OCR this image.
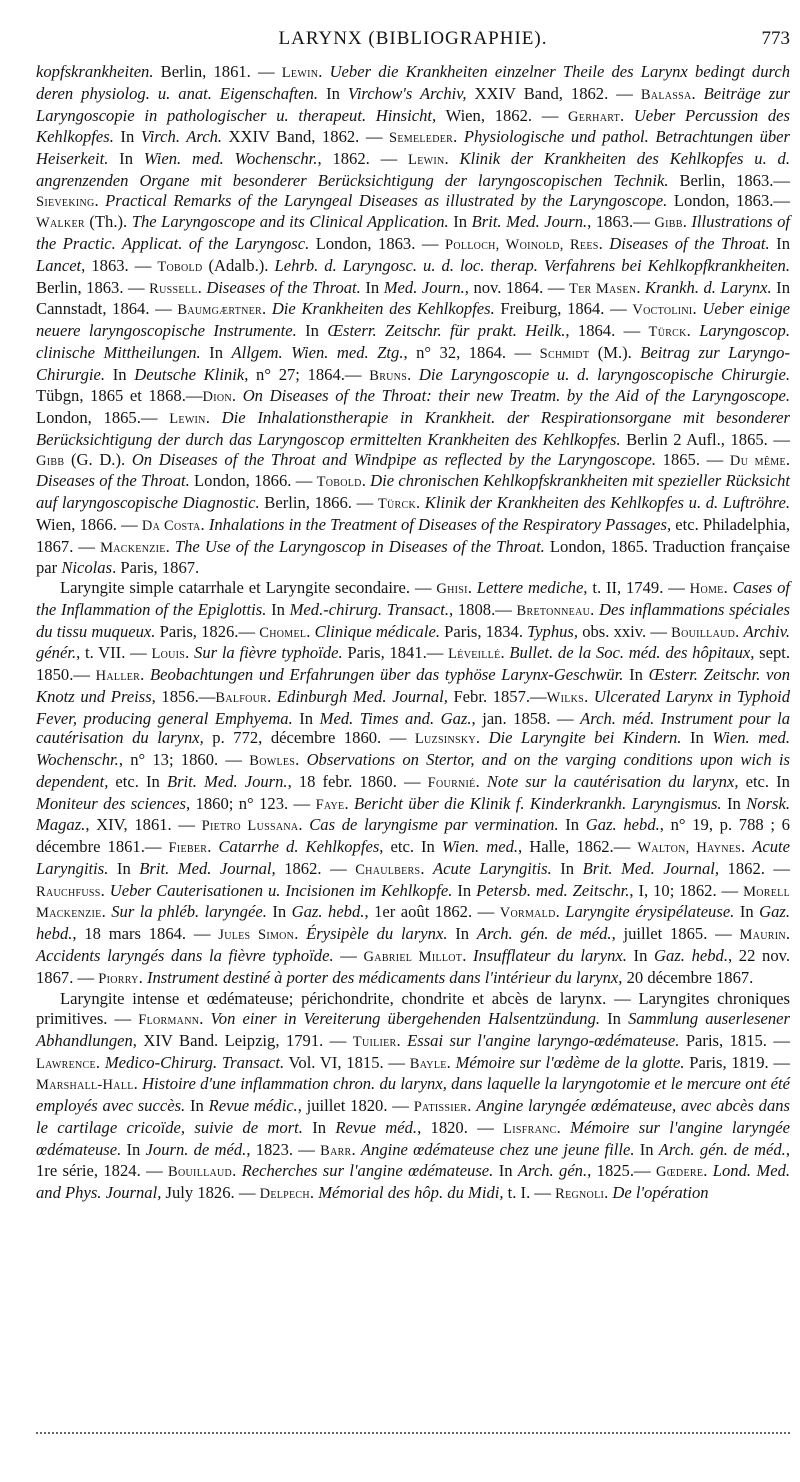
LARYNX (BIBLIOGRAPHIE).	773

kopfskrankheiten. Berlin, 1861. — Lewin. Ueber die Krankheiten einzelner Theile des Larynx bedingt durch deren physiolog. u. anat. Eigenschaften. In Virchow's Archiv, XXIV Band, 1862. — Balassa. Beiträge zur Laryngoscopie in pathologischer u. therapeut. Hinsicht, Wien, 1862. — Gerhart. Ueber Percussion des Kehlkopfes. In Virch. Arch. XXIV Band, 1862. — Semeleder. Physiologische und pathol. Betrachtungen über Heiserkeit. In Wien. med. Wochenschr., 1862. — Lewin. Klinik der Krankheiten des Kehlkopfes u. d. angrenzenden Organe mit besonderer Berücksichtigung der laryngoscopischen Technik. Berlin, 1863.— Sieveking. Practical Remarks of the Laryngeal Diseases as illustrated by the Laryngoscope. London, 1863.—Walker (Th.). The Laryngoscope and its Clinical Application. In Brit. Med. Journ., 1863.— Gibb. Illustrations of the Practic. Applicat. of the Laryngosc. London, 1863. — Polloch, Woinold, Rees. Diseases of the Throat. In Lancet, 1863. — Tobold (Adalb.). Lehrb. d. Laryngosc. u. d. loc. therap. Verfahrens bei Kehlkopfkrankheiten. Berlin, 1863. — Russell. Diseases of the Throat. In Med. Journ., nov. 1864. — Ter Masen. Krankh. d. Larynx. In Cannstadt, 1864. — Baumgærtner. Die Krankheiten des Kehlkopfes. Freiburg, 1864. — Voctolini. Ueber einige neuere laryngoscopische Instrumente. In Œsterr. Zeitschr. für prakt. Heilk., 1864. — Türck. Laryngoscop. clinische Mittheilungen. In Allgem. Wien. med. Ztg., n° 32, 1864. — Schmidt (M.). Beitrag zur Laryngo-Chirurgie. In Deutsche Klinik, n° 27; 1864.— Bruns. Die Laryngoscopie u. d. laryngoscopische Chirurgie. Tübgn, 1865 et 1868.—Dion. On Diseases of the Throat: their new Treatm. by the Aid of the Laryngoscope. London, 1865.— Lewin. Die Inhalationstherapie in Krankheit. der Respirationsorgane mit besonderer Berücksichtigung der durch das Laryngoscop ermittelten Krankheiten des Kehlkopfes. Berlin 2 Aufl., 1865. — Gibb (G. D.). On Diseases of the Throat and Windpipe as reflected by the Laryngoscope. 1865. — Du même. Diseases of the Throat. London, 1866. — Tobold. Die chronischen Kehlkopfskrankheiten mit spezieller Rücksicht auf laryngoscopische Diagnostic. Berlin, 1866. — Türck. Klinik der Krankheiten des Kehlkopfes u. d. Luftröhre. Wien, 1866. — Da Costa. Inhalations in the Treatment of Diseases of the Respiratory Passages, etc. Philadelphia, 1867. — Mackenzie. The Use of the Laryngoscop in Diseases of the Throat. London, 1865. Traduction française par Nicolas. Paris, 1867.

Laryngite simple catarrhale et Laryngite secondaire. — Ghisi. Lettere mediche, t. II, 1749. — Home. Cases of the Inflammation of the Epiglottis. In Med.-chirurg. Transact., 1808.— Bretonneau. Des inflammations spéciales du tissu muqueux. Paris, 1826.— Chomel. Clinique médicale. Paris, 1834. Typhus, obs. xxiv. — Bouillaud. Archiv. génér., t. VII. — Louis. Sur la fièvre typhoïde. Paris, 1841.— Léveillé. Bullet. de la Soc. méd. des hôpitaux, sept. 1850.— Haller. Beobachtungen und Erfahrungen über das typhöse Larynx-Geschwür. In Œsterr. Zeitschr. von Knotz und Preiss, 1856.—Balfour. Edinburgh Med. Journal, Febr. 1857.—Wilks. Ulcerated Larynx in Typhoid Fever, producing general Emphyema. In Med. Times and. Gaz., jan. 1858. — Arch. méd. Instrument pour la cautérisation du larynx, p. 772, décembre 1860. — Luzsinsky. Die Laryngite bei Kindern. In Wien. med. Wochenschr., n° 13; 1860. — Bowles. Observations on Stertor, and on the varging conditions upon wich is dependent, etc. In Brit. Med. Journ., 18 febr. 1860. — Fournié. Note sur la cautérisation du larynx, etc. In Moniteur des sciences, 1860; n° 123. — Faye. Bericht über die Klinik f. Kinderkrankh. Laryngismus. In Norsk. Magaz., XIV, 1861. — Pietro Lussana. Cas de laryngisme par vermination. In Gaz. hebd., n° 19, p. 788 ; 6 décembre 1861.— Fieber. Catarrhe d. Kehlkopfes, etc. In Wien. med., Halle, 1862.— Walton, Haynes. Acute Laryngitis. In Brit. Med. Journal, 1862. — Chaulbers. Acute Laryngitis. In Brit. Med. Journal, 1862. — Rauchfuss. Ueber Cauterisationen u. Incisionen im Kehlkopfe. In Petersb. med. Zeitschr., I, 10; 1862. — Morell Mackenzie. Sur la phléb. laryngée. In Gaz. hebd., 1er août 1862. — Vormald. Laryngite érysipélateuse. In Gaz. hebd., 18 mars 1864. — Jules Simon. Érysipèle du larynx. In Arch. gén. de méd., juillet 1865. — Maurin. Accidents laryngés dans la fièvre typhoïde. — Gabriel Millot. Insufflateur du larynx. In Gaz. hebd., 22 nov. 1867. — Piorry. Instrument destiné à porter des médicaments dans l'intérieur du larynx, 20 décembre 1867.

Laryngite intense et œdémateuse; périchondrite, chondrite et abcès de larynx. — Laryngites chroniques primitives. — Flormann. Von einer in Vereiterung übergehenden Halsentzündung. In Sammlung auserlesener Abhandlungen, XIV Band. Leipzig, 1791. — Tuilier. Essai sur l'angine laryngo-œdémateuse. Paris, 1815. — Lawrence. Medico-Chirurg. Transact. Vol. VI, 1815. — Bayle. Mémoire sur l'œdème de la glotte. Paris, 1819. — Marshall-Hall. Histoire d'une inflammation chron. du larynx, dans laquelle la laryngotomie et le mercure ont été employés avec succès. In Revue médic., juillet 1820. — Patissier. Angine laryngée œdémateuse, avec abcès dans le cartilage cricoïde, suivie de mort. In Revue méd., 1820. — Lisfranc. Mémoire sur l'angine laryngée œdémateuse. In Journ. de méd., 1823. — Barr. Angine œdémateuse chez une jeune fille. In Arch. gén. de méd., 1re série, 1824. — Bouillaud. Recherches sur l'angine œdémateuse. In Arch. gén., 1825.— Gœdere. Lond. Med. and Phys. Journal, July 1826. — Delpech. Mémorial des hôp. du Midi, t. I. — Regnoli. De l'opération
